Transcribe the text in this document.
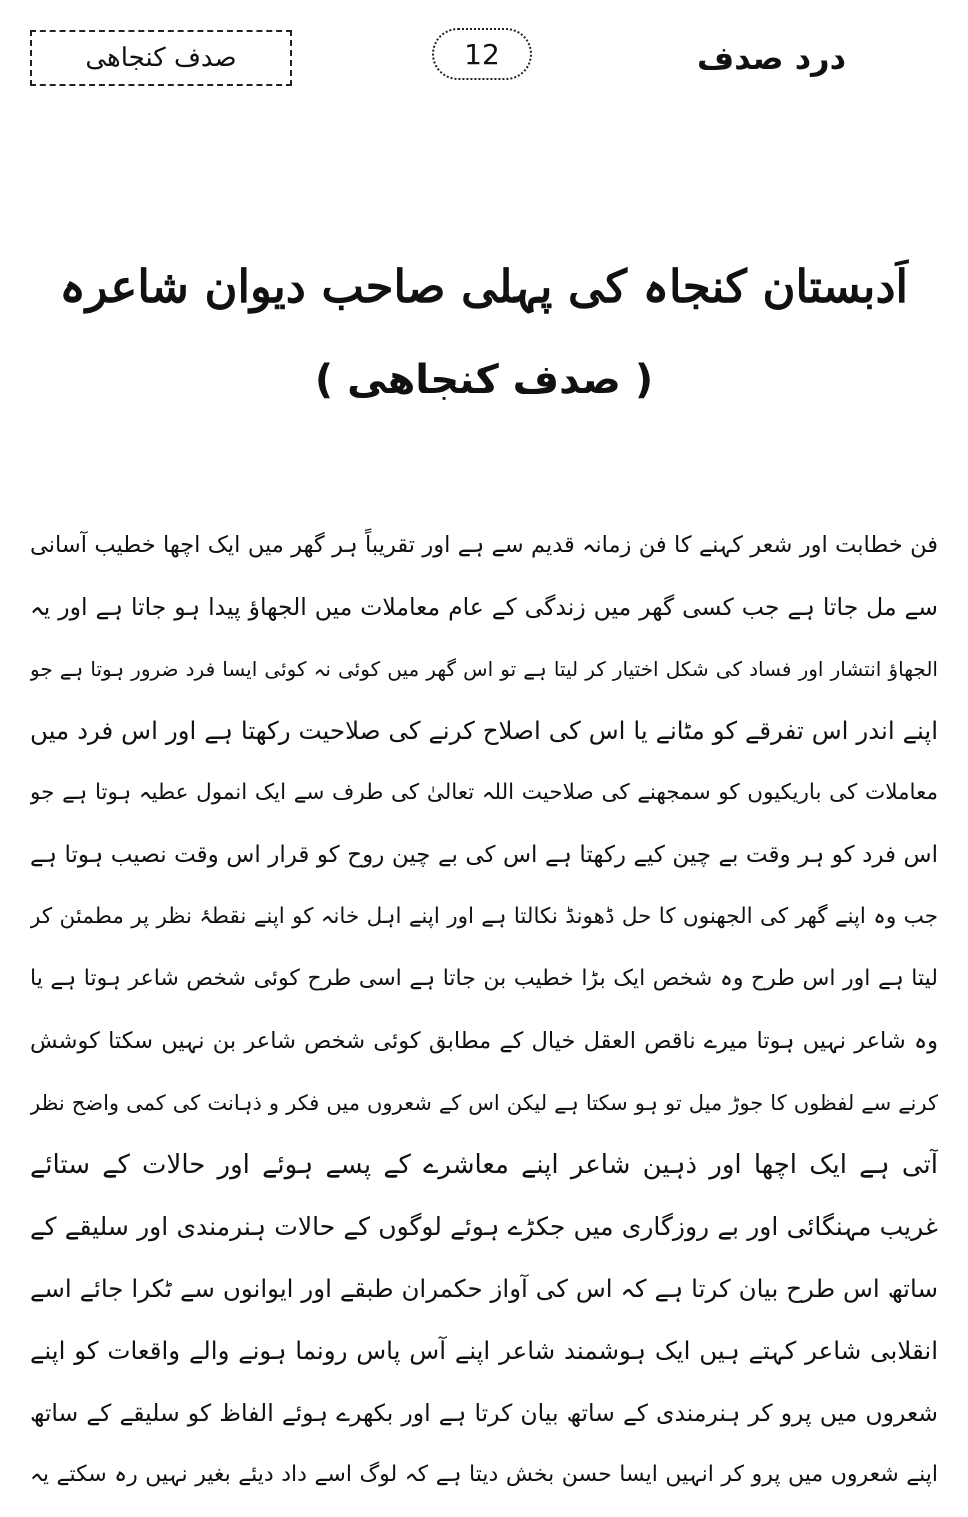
صدف کنجاھی	12	درد صدف
اَدبستان کنجاہ کی پہلی صاحب دیوان شاعرہ
( صدف کنجاھی )
فن خطابت اور شعر کہنے کا فن زمانہ قدیم سے ہے اور تقریباً ہر گھر میں ایک اچھا خطیب آسانی
سے مل جاتا ہے جب کسی گھر میں زندگی کے عام معاملات میں الجھاؤ پیدا ہو جاتا ہے اور یہ
الجھاؤ انتشار اور فساد کی شکل اختیار کر لیتا ہے تو اس گھر میں کوئی نہ کوئی ایسا فرد ضرور ہوتا ہے جو
اپنے اندر اس تفرقے کو مٹانے یا اس کی اصلاح کرنے کی صلاحیت رکھتا ہے اور اس فرد میں
معاملات کی باریکیوں کو سمجھنے کی صلاحیت اللہ تعالیٰ کی طرف سے ایک انمول عطیہ ہوتا ہے جو
اس فرد کو ہر وقت بے چین کیے رکھتا ہے اس کی بے چین روح کو قرار اس وقت نصیب ہوتا ہے
جب وہ اپنے گھر کی الجھنوں کا حل ڈھونڈ نکالتا ہے اور اپنے اہل خانہ کو اپنے نقطۂ نظر پر مطمئن کر
لیتا ہے اور اس طرح وہ شخص ایک بڑا خطیب بن جاتا ہے اسی طرح کوئی شخص شاعر ہوتا ہے یا
وہ شاعر نہیں ہوتا میرے ناقص العقل خیال کے مطابق کوئی شخص شاعر بن نہیں سکتا کوشش
کرنے سے لفظوں کا جوڑ میل تو ہو سکتا ہے لیکن اس کے شعروں میں فکر و ذہانت کی کمی واضح نظر
آتی ہے ایک اچھا اور ذہین شاعر اپنے معاشرے کے پسے ہوئے اور حالات کے ستائے
غریب مہنگائی اور بے روزگاری میں جکڑے ہوئے لوگوں کے حالات ہنرمندی اور سلیقے کے
ساتھ اس طرح بیان کرتا ہے کہ اس کی آواز حکمران طبقے اور ایوانوں سے ٹکرا جائے اسے
انقلابی شاعر کہتے ہیں ایک ہوشمند شاعر اپنے آس پاس رونما ہونے والے واقعات کو اپنے
شعروں میں پرو کر ہنرمندی کے ساتھ بیان کرتا ہے اور بکھرے ہوئے الفاظ کو سلیقے کے ساتھ
اپنے شعروں میں پرو کر انہیں ایسا حسن بخش دیتا ہے کہ لوگ اسے داد دیئے بغیر نہیں رہ سکتے یہ
